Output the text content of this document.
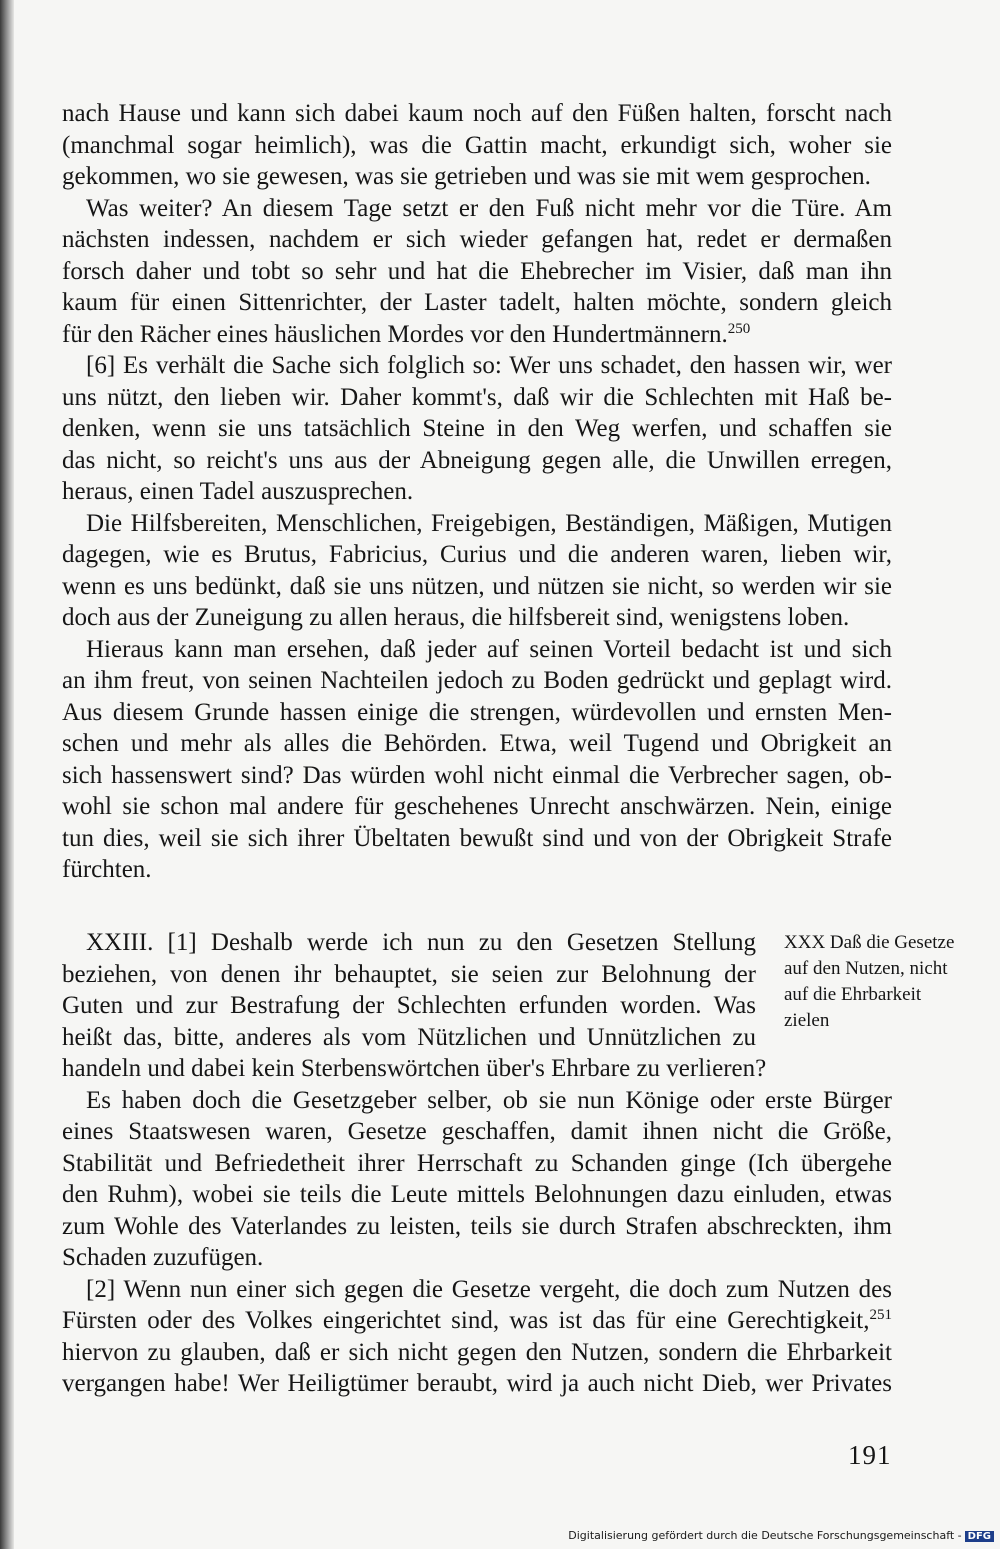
nach Hause und kann sich dabei kaum noch auf den Füßen halten, forscht nach
(manchmal sogar heimlich), was die Gattin macht, erkundigt sich, woher sie
gekommen, wo sie gewesen, was sie getrieben und was sie mit wem gesprochen.
Was weiter? An diesem Tage setzt er den Fuß nicht mehr vor die Türe. Am
nächsten indessen, nachdem er sich wieder gefangen hat, redet er dermaßen
forsch daher und tobt so sehr und hat die Ehebrecher im Visier, daß man ihn
kaum für einen Sittenrichter, der Laster tadelt, halten möchte, sondern gleich
für den Rächer eines häuslichen Mordes vor den Hundertmännern.$^{250}$
[6] Es verhält die Sache sich folglich so: Wer uns schadet, den hassen wir, wer
uns nützt, den lieben wir. Daher kommt's, daß wir die Schlechten mit Haß be-
denken, wenn sie uns tatsächlich Steine in den Weg werfen, und schaffen sie
das nicht, so reicht's uns aus der Abneigung gegen alle, die Unwillen erregen,
heraus, einen Tadel auszusprechen.
Die Hilfsbereiten, Menschlichen, Freigebigen, Beständigen, Mäßigen, Mutigen
dagegen, wie es Brutus, Fabricius, Curius und die anderen waren, lieben wir,
wenn es uns bedünkt, daß sie uns nützen, und nützen sie nicht, so werden wir sie
doch aus der Zuneigung zu allen heraus, die hilfsbereit sind, wenigstens loben.
Hieraus kann man ersehen, daß jeder auf seinen Vorteil bedacht ist und sich
an ihm freut, von seinen Nachteilen jedoch zu Boden gedrückt und geplagt wird.
Aus diesem Grunde hassen einige die strengen, würdevollen und ernsten Men-
schen und mehr als alles die Behörden. Etwa, weil Tugend und Obrigkeit an
sich hassenswert sind? Das würden wohl nicht einmal die Verbrecher sagen, ob-
wohl sie schon mal andere für geschehenes Unrecht anschwärzen. Nein, einige
tun dies, weil sie sich ihrer Übeltaten bewußt sind und von der Obrigkeit Strafe
fürchten.
XXIII. [1] Deshalb werde ich nun zu den Gesetzen Stellung
beziehen, von denen ihr behauptet, sie seien zur Belohnung der
Guten und zur Bestrafung der Schlechten erfunden worden. Was
heißt das, bitte, anderes als vom Nützlichen und Unnützlichen zu
XXX Daß die Gesetze
auf den Nutzen, nicht
auf die Ehrbarkeit
zielen
handeln und dabei kein Sterbenswörtchen über's Ehrbare zu verlieren?
Es haben doch die Gesetzgeber selber, ob sie nun Könige oder erste Bürger
eines Staatswesen waren, Gesetze geschaffen, damit ihnen nicht die Größe,
Stabilität und Befriedetheit ihrer Herrschaft zu Schanden ginge (Ich übergehe
den Ruhm), wobei sie teils die Leute mittels Belohnungen dazu einluden, etwas
zum Wohle des Vaterlandes zu leisten, teils sie durch Strafen abschreckten, ihm
Schaden zuzufügen.
[2] Wenn nun einer sich gegen die Gesetze vergeht, die doch zum Nutzen des
Fürsten oder des Volkes eingerichtet sind, was ist das für eine Gerechtigkeit,$^{251}$
hiervon zu glauben, daß er sich nicht gegen den Nutzen, sondern die Ehrbarkeit
vergangen habe! Wer Heiligtümer beraubt, wird ja auch nicht Dieb, wer Privates
191
Digitalisierung gefördert durch die Deutsche Forschungsgemeinschaft - DFG
